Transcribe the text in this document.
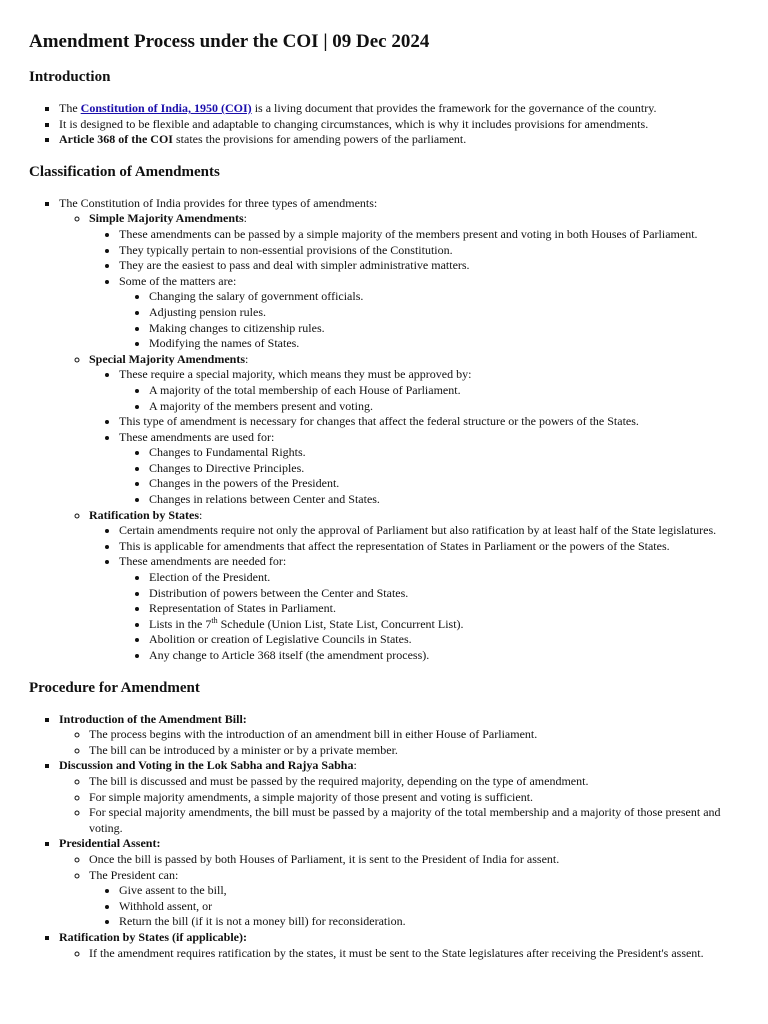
Amendment Process under the COI | 09 Dec 2024
Introduction
▪ The Constitution of India, 1950 (COI) is a living document that provides the framework for the governance of the country.
▪ It is designed to be flexible and adaptable to changing circumstances, which is why it includes provisions for amendments.
▪ Article 368 of the COI states the provisions for amending powers of the parliament.
Classification of Amendments
▪ The Constitution of India provides for three types of amendments:
◦ Simple Majority Amendments:
• These amendments can be passed by a simple majority of the members present and voting in both Houses of Parliament.
• They typically pertain to non-essential provisions of the Constitution.
• They are the easiest to pass and deal with simpler administrative matters.
• Some of the matters are:
• Changing the salary of government officials.
• Adjusting pension rules.
• Making changes to citizenship rules.
• Modifying the names of States.
◦ Special Majority Amendments:
• These require a special majority, which means they must be approved by:
• A majority of the total membership of each House of Parliament.
• A majority of the members present and voting.
• This type of amendment is necessary for changes that affect the federal structure or the powers of the States.
• These amendments are used for:
• Changes to Fundamental Rights.
• Changes to Directive Principles.
• Changes in the powers of the President.
• Changes in relations between Center and States.
◦ Ratification by States:
• Certain amendments require not only the approval of Parliament but also ratification by at least half of the State legislatures.
• This is applicable for amendments that affect the representation of States in Parliament or the powers of the States.
• These amendments are needed for:
• Election of the President.
• Distribution of powers between the Center and States.
• Representation of States in Parliament.
• Lists in the 7th Schedule (Union List, State List, Concurrent List).
• Abolition or creation of Legislative Councils in States.
• Any change to Article 368 itself (the amendment process).
Procedure for Amendment
▪ Introduction of the Amendment Bill:
◦ The process begins with the introduction of an amendment bill in either House of Parliament.
◦ The bill can be introduced by a minister or by a private member.
▪ Discussion and Voting in the Lok Sabha and Rajya Sabha:
◦ The bill is discussed and must be passed by the required majority, depending on the type of amendment.
◦ For simple majority amendments, a simple majority of those present and voting is sufficient.
◦ For special majority amendments, the bill must be passed by a majority of the total membership and a majority of those present and voting.
▪ Presidential Assent:
◦ Once the bill is passed by both Houses of Parliament, it is sent to the President of India for assent.
◦ The President can:
• Give assent to the bill,
• Withhold assent, or
• Return the bill (if it is not a money bill) for reconsideration.
▪ Ratification by States (if applicable):
◦ If the amendment requires ratification by the states, it must be sent to the State legislatures after receiving the President's assent.
